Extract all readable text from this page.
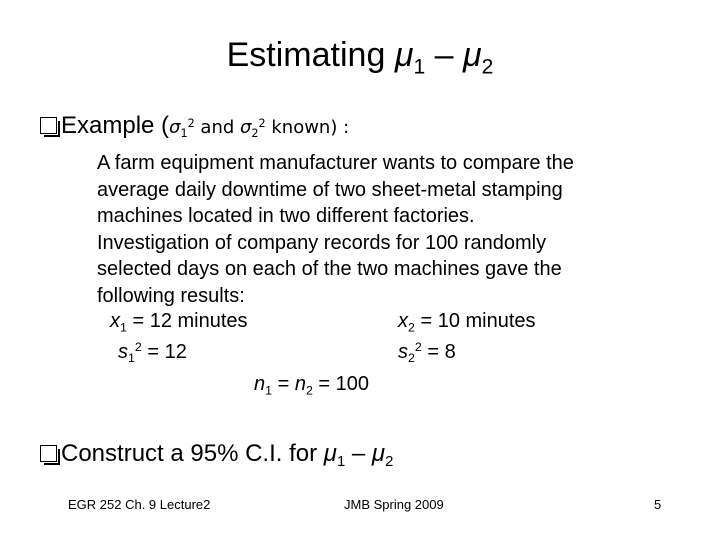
Estimating $\mu_1 - \mu_2$
Example ($\sigma_1^2$ and $\sigma_2^2$ known) :
A farm equipment manufacturer wants to compare the
average daily downtime of two sheet-metal stamping
machines located in two different factories.
Investigation of company records for 100 randomly
selected days on each of the two machines gave the
following results:
$x_1 = 12$ minutes	$x_2 = 10$ minutes
$s_1^2 = 12$	$s_2^2 = 8$
$n_1 = n_2 = 100$
Construct a 95% C.I. for $\mu_1 - \mu_2$
EGR 252 Ch. 9 Lecture2	JMB Spring 2009	5
